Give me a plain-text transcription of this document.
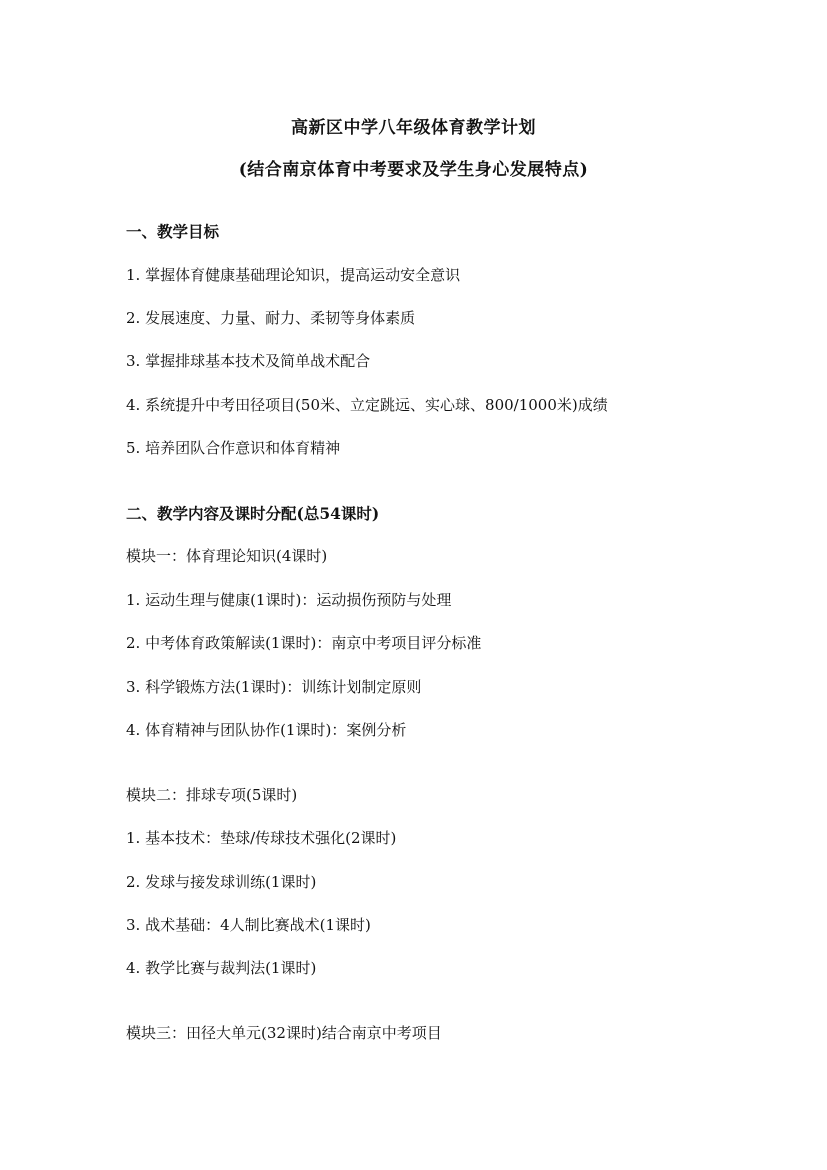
高新区中学八年级体育教学计划
(结合南京体育中考要求及学生身心发展特点)
一、教学目标
1. 掌握体育健康基础理论知识，提高运动安全意识
2. 发展速度、力量、耐力、柔韧等身体素质
3. 掌握排球基本技术及简单战术配合
4. 系统提升中考田径项目(50米、立定跳远、实心球、800/1000米)成绩
5. 培养团队合作意识和体育精神
二、教学内容及课时分配(总54课时)
模块一：体育理论知识(4课时)
1. 运动生理与健康(1课时)：运动损伤预防与处理
2. 中考体育政策解读(1课时)：南京中考项目评分标准
3. 科学锻炼方法(1课时)：训练计划制定原则
4. 体育精神与团队协作(1课时)：案例分析
模块二：排球专项(5课时)
1. 基本技术：垫球/传球技术强化(2课时)
2. 发球与接发球训练(1课时)
3. 战术基础：4人制比赛战术(1课时)
4. 教学比赛与裁判法(1课时)
模块三：田径大单元(32课时)结合南京中考项目
